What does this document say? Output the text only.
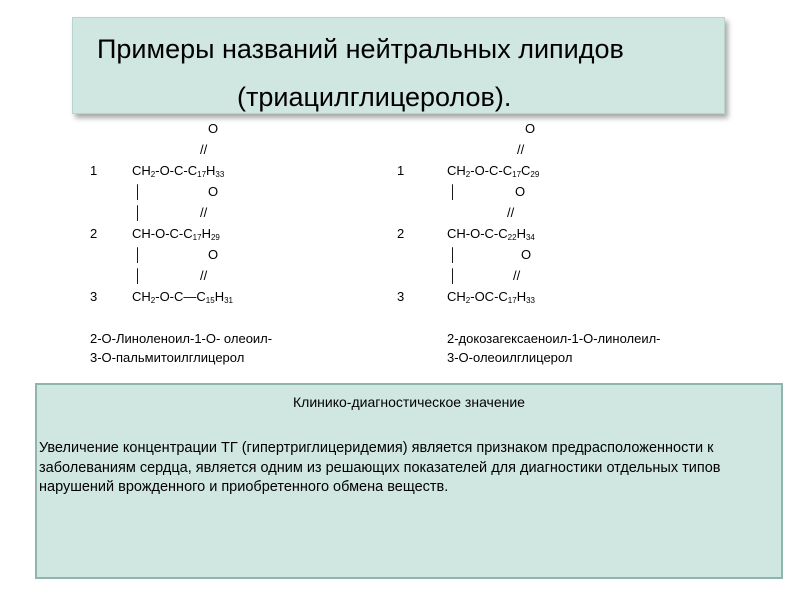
Примеры названий нейтральных липидов
(триацилглицеролов).
O
//
1	$CH_2-O-C-C_{17}H_{33}$
│	O
│	//
2	$CH-O-C-C_{17}H_{29}$
│	O
│	//
3	$CH_2-O-C—C_{15}H_{31}$
O
//
1	$CH_2-O-C-C_{17}C_{29}$
│	O
//
2	$CH-O-C-C_{22}H_{34}$
│	O
│	//
3	$CH_2-OC-C_{17}H_{33}$
2-О-Линоленоил-1-О- олеоил-
3-О-пальмитоилглицерол
2-докозагексаеноил-1-О-линолеил-
3-О-олеоилглицерол
Клинико-диагностическое значение
Увеличение концентрации ТГ (гипертриглицеридемия) является признаком предрасположенности к заболеваниям сердца, является одним из решающих показателей для диагностики отдельных типов нарушений врожденного и приобретенного обмена веществ.
